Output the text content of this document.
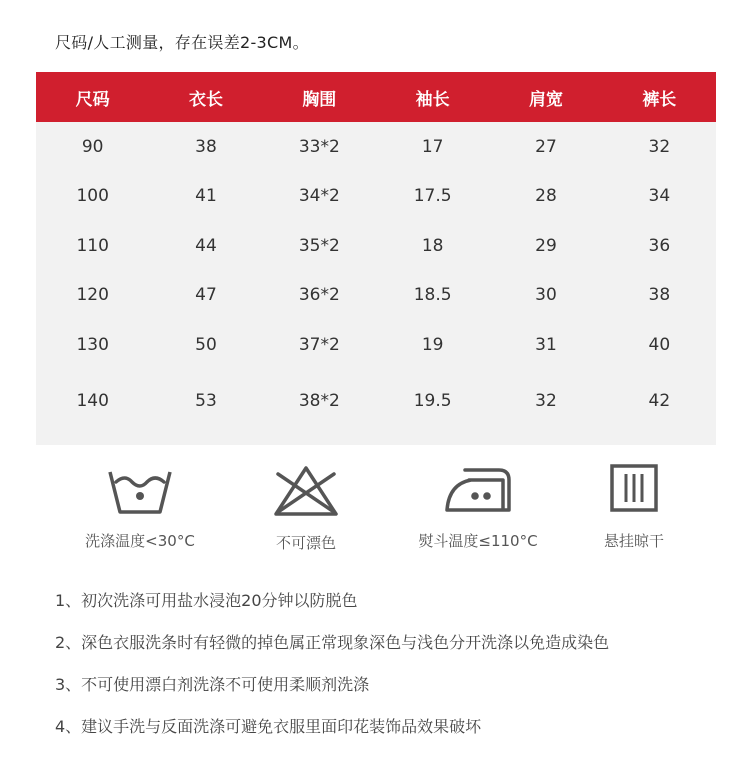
尺码/人工测量，存在误差2-3CM。
尺码	衣长	胸围	袖长	肩宽	裤长
90	38	33*2	17	27	32
100	41	34*2	17.5	28	34
110	44	35*2	18	29	36
120	47	36*2	18.5	30	38
130	50	37*2	19	31	40
140	53	38*2	19.5	32	42
洗涤温度<30°C	不可漂色	熨斗温度≤110°C	悬挂晾干
1、初次洗涤可用盐水浸泡20分钟以防脱色
2、深色衣服洗条时有轻微的掉色属正常现象深色与浅色分开洗涤以免造成染色
3、不可使用漂白剂洗涤不可使用柔顺剂洗涤
4、建议手洗与反面洗涤可避免衣服里面印花装饰品效果破坏
